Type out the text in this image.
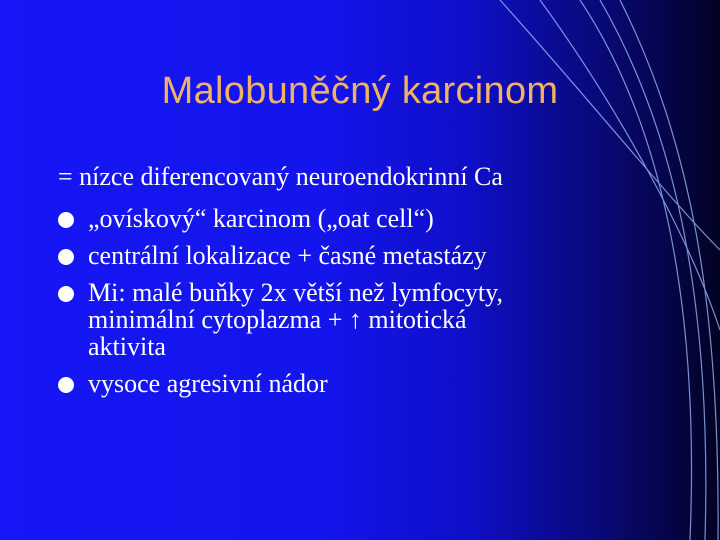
Malobuněčný karcinom
= nízce diferencovaný neuroendokrinní Ca
„ovískový“ karcinom („oat cell“)
centrální lokalizace + časné metastázy
Mi: malé buňky 2x větší než lymfocyty,
minimální cytoplazma + ↑ mitotická
aktivita
vysoce agresivní nádor
